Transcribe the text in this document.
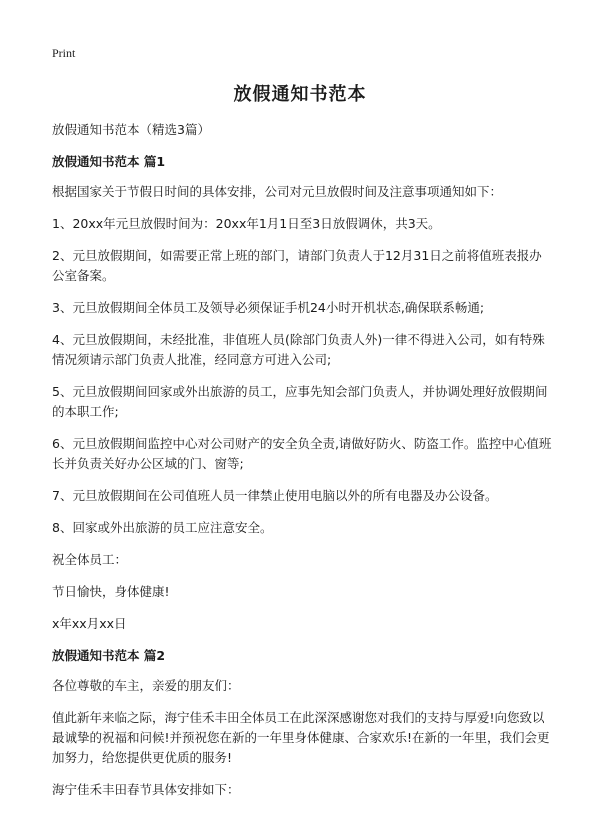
Print
放假通知书范本

放假通知书范本（精选3篇）

放假通知书范本 篇1

根据国家关于节假日时间的具体安排，公司对元旦放假时间及注意事项通知如下：

1、20xx年元旦放假时间为：20xx年1月1日至3日放假调休，共3天。

2、元旦放假期间，如需要正常上班的部门，请部门负责人于12月31日之前将值班表报办公室备案。

3、元旦放假期间全体员工及领导必须保证手机24小时开机状态,确保联系畅通;

4、元旦放假期间，未经批准，非值班人员(除部门负责人外)一律不得进入公司，如有特殊情况须请示部门负责人批准，经同意方可进入公司;

5、元旦放假期间回家或外出旅游的员工，应事先知会部门负责人，并协调处理好放假期间的本职工作;

6、元旦放假期间监控中心对公司财产的安全负全责,请做好防火、防盗工作。监控中心值班长并负责关好办公区域的门、窗等;

7、元旦放假期间在公司值班人员一律禁止使用电脑以外的所有电器及办公设备。

8、回家或外出旅游的员工应注意安全。

祝全体员工：

节日愉快，身体健康!

x年xx月xx日

放假通知书范本 篇2

各位尊敬的车主，亲爱的朋友们：

值此新年来临之际，海宁佳禾丰田全体员工在此深深感谢您对我们的支持与厚爱!向您致以最诚挚的祝福和问候!并预祝您在新的一年里身体健康、合家欢乐!在新的一年里，我们会更加努力，给您提供更优质的服务!

海宁佳禾丰田春节具体安排如下：
